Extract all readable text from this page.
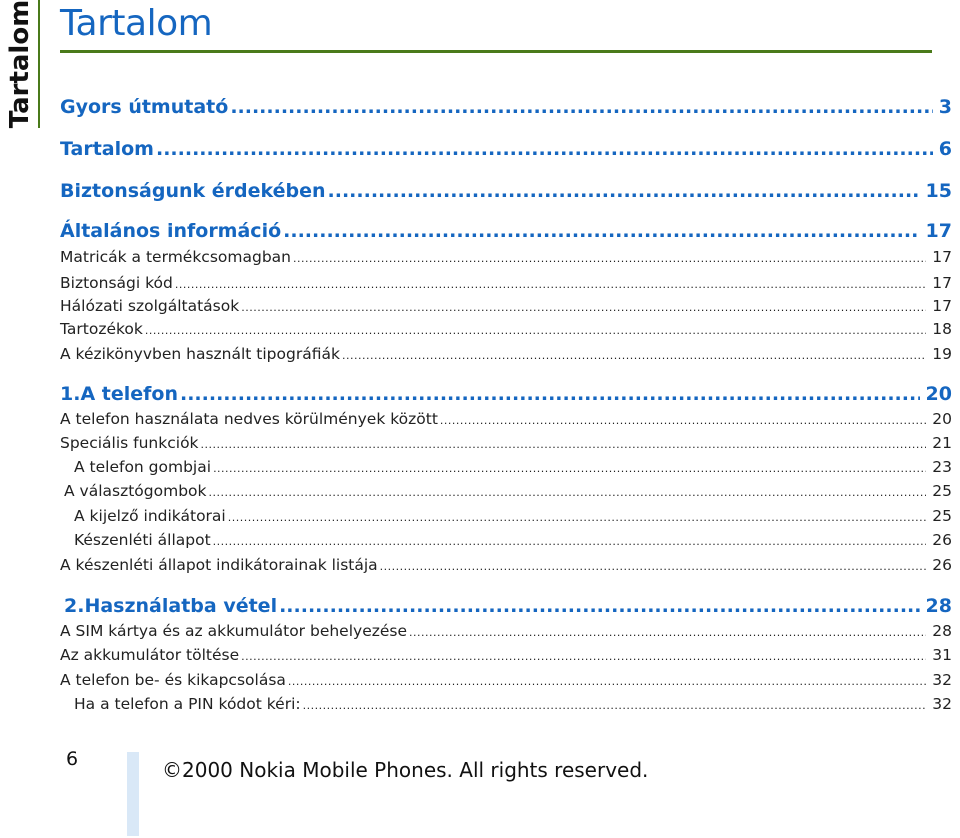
Tartalom Tartalom
Gyors útmutató .....	3
Tartalom .....	6
Biztonságunk érdekében .....	15
Általános információ .....	17
Matricák a termékcsomagban .....	17
Biztonsági kód .....	17
Hálózati szolgáltatások .....	17
Tartozékok .....	18
A kézikönyvben használt tipográfiák .....	19
1.A telefon .....	20
A telefon használata nedves körülmények között .....	20
Speciális funkciók .....	21
A telefon gombjai .....	23
A választógombok .....	25
A kijelző indikátorai .....	25
Készenléti állapot .....	26
A készenléti állapot indikátorainak listája .....	26
2.Használatba vétel .....	28
A SIM kártya és az akkumulátor behelyezése .....	28
Az akkumulátor töltése .....	31
A telefon be- és kikapcsolása .....	32
Ha a telefon a PIN kódot kéri: .....	32
6	©2000 Nokia Mobile Phones. All rights reserved.
